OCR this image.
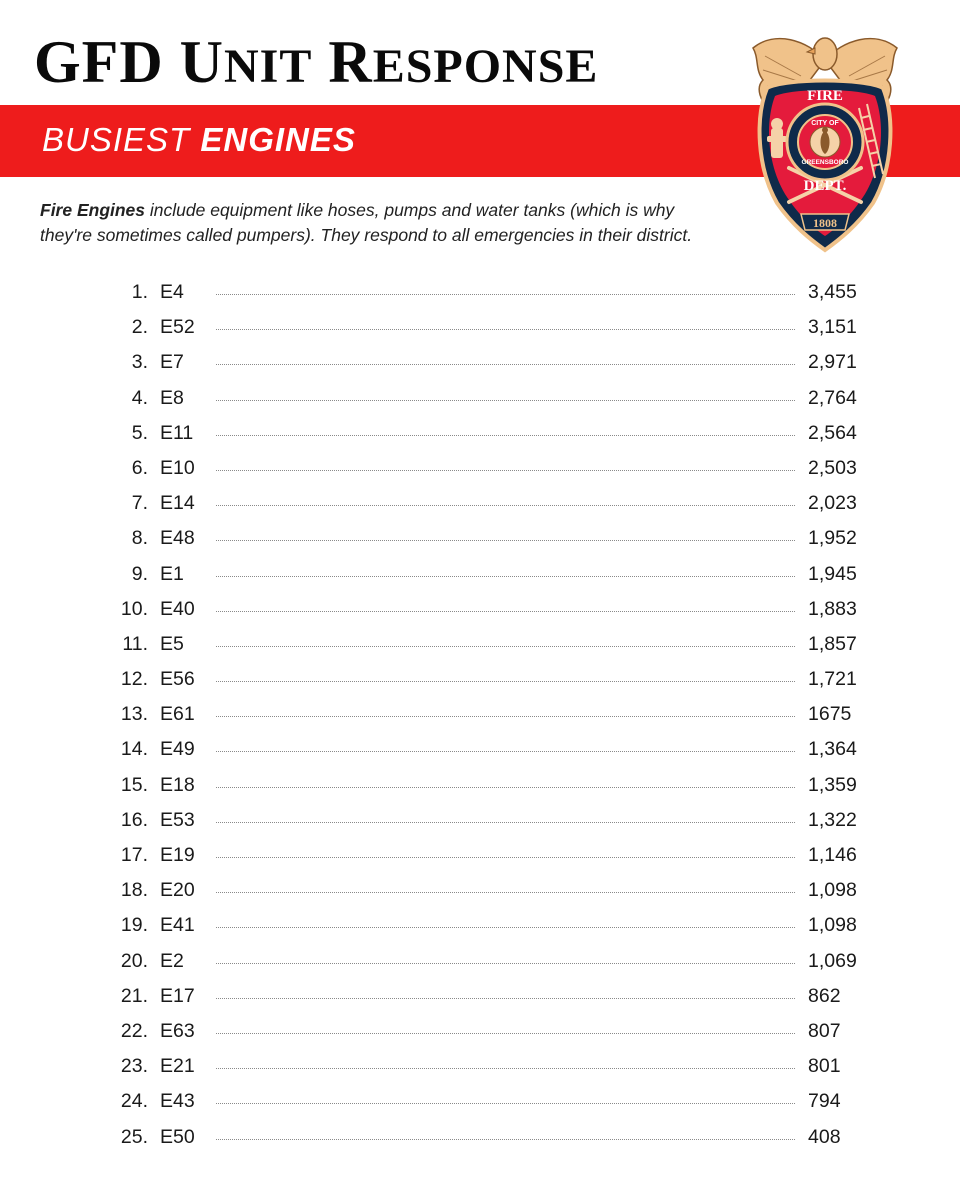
GFD UNIT RESPONSE
BUSIEST ENGINES
FIRE
CITY OF
GREENSBORO
DEPT.
1808

Fire Engines include equipment like hoses, pumps and water tanks (which is why they're sometimes called pumpers). They respond to all emergencies in their district.

1. E4	3,455
2. E52	3,151
3. E7	2,971
4. E8	2,764
5. E11	2,564
6. E10	2,503
7. E14	2,023
8. E48	1,952
9. E1	1,945
10. E40	1,883
11. E5	1,857
12. E56	1,721
13. E61	1675
14. E49	1,364
15. E18	1,359
16. E53	1,322
17. E19	1,146
18. E20	1,098
19. E41	1,098
20. E2	1,069
21. E17	862
22. E63	807
23. E21	801
24. E43	794
25. E50	408
